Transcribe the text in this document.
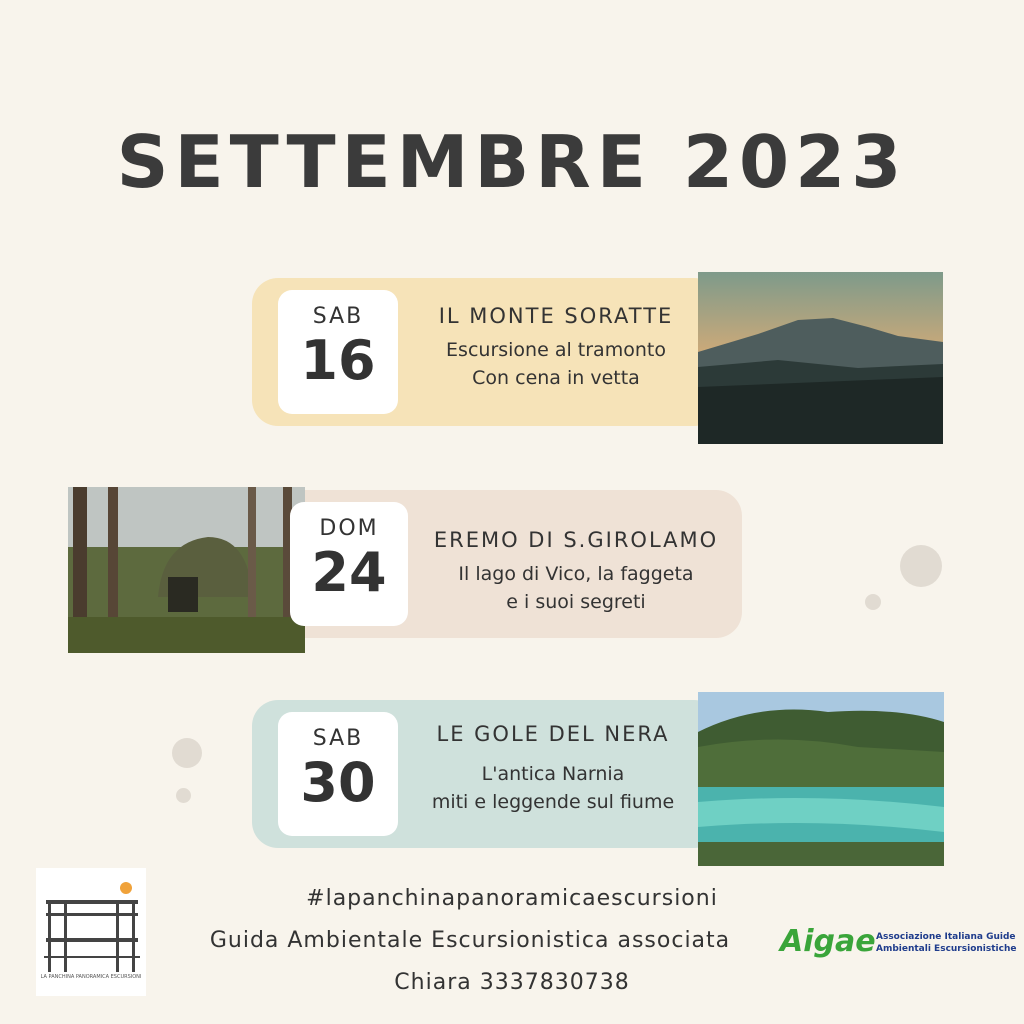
SETTEMBRE 2023
SAB
16
IL MONTE SORATTE
Escursione al tramonto
Con cena in vetta
DOM
24
EREMO DI S.GIROLAMO
Il lago di Vico, la faggeta
e i suoi segreti
SAB
30
LE GOLE DEL NERA
L'antica Narnia
miti e leggende sul fiume
LA PANCHINA PANORAMICA ESCURSIONI
#lapanchinapanoramicaescursioni
Guida Ambientale Escursionistica associata
Chiara 3337830738
Aigae Associazione Italiana Guide
Ambientali Escursionistiche
